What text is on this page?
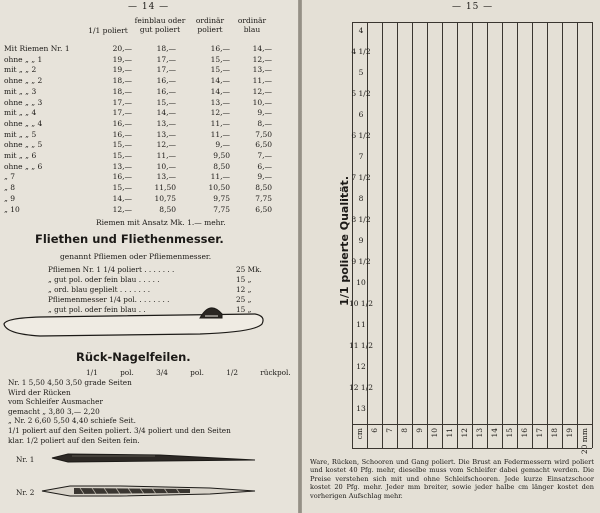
— 14 —
1/1 poliert
feinblau oder gut poliert
ordinär poliert
ordinär blau
Mit Riemen Nr. 1	20,—	18,—	16,—	14,—
ohne „ „ 1	19,—	17,—	15,—	12,—
mit „ „ 2	19,—	17,—	15,—	13,—
ohne „ „ 2	18,—	16,—	14,—	11,—
mit „ „ 3	18,—	16,—	14,—	12,—
ohne „ „ 3	17,—	15,—	13,—	10,—
mit „ „ 4	17,—	14,—	12,—	9,—
ohne „ „ 4	16,—	13,—	11,—	8,—
mit „ „ 5	16,—	13,—	11,—	7,50
ohne „ „ 5	15,—	12,—	9,—	6,50
mit „ „ 6	15,—	11,—	9,50	7,—
ohne „ „ 6	13,—	10,—	8,50	6,—
„ 7	16,—	13,—	11,—	9,—
„ 8	15,—	11,50	10,50	8,50
„ 9	14,—	10,75	9,75	7,75
„ 10	12,—	8,50	7,75	6,50
Riemen mit Ansatz Mk. 1.— mehr.
Fliethen und Fliethenmesser.
genannt Pfliemen oder Pfliemenmesser.
Pfliemen Nr. 1 1/4 poliert . . . . . . .	25 Mk.
„ gut pol. oder fein blau . . . . .	15 „
„ ord. blau geplielt . . . . . . .	12 „
Pfliemenmesser 1/4 pol. . . . . . . .	25 „
„ gut pol. oder fein blau . .	15 „
Rück-Nagelfeilen.
1/1 pol.	3/4 pol.	1/2 rückpol.
Nr. 1 5,50 4,50 3,50 grade Seiten
Wird der Rücken
vom Schleifer Ausmacher
gemacht „ 3,80 3,— 2,20
„ Nr. 2 6,60 5,50 4,40 schiefe Seit.
1/1 poliert auf den Seiten poliert. 3/4 poliert und den Seiten
klar. 1/2 poliert auf den Seiten fein.
Nr. 1
Nr. 2
— 15 —
1/1 polierte Qualität.
cm 6 7 8 9 10 11 12 13 14 15 16 17 18 19 20 mm
4
4 1/2
5
5 1/2
6
6 1/2
7
7 1/2
8
8 1/2
9
9 1/2
10
10 1/2
11
11 1/2
12
12 1/2
13
Ware, Rücken, Schooren und Gang poliert. Die Brust an Federmessern wird poliert und kostet 40 Pfg. mehr, dieselbe muss vom Schleifer dabei gemacht werden. Die Preise verstehen sich mit und ohne Schleifschooren. Jede kurze Einsatzschoor kostet 20 Pfg. mehr. Jeder mm breiter, sowie jeder halbe cm länger kostet den vorherigen Aufschlag mehr.
